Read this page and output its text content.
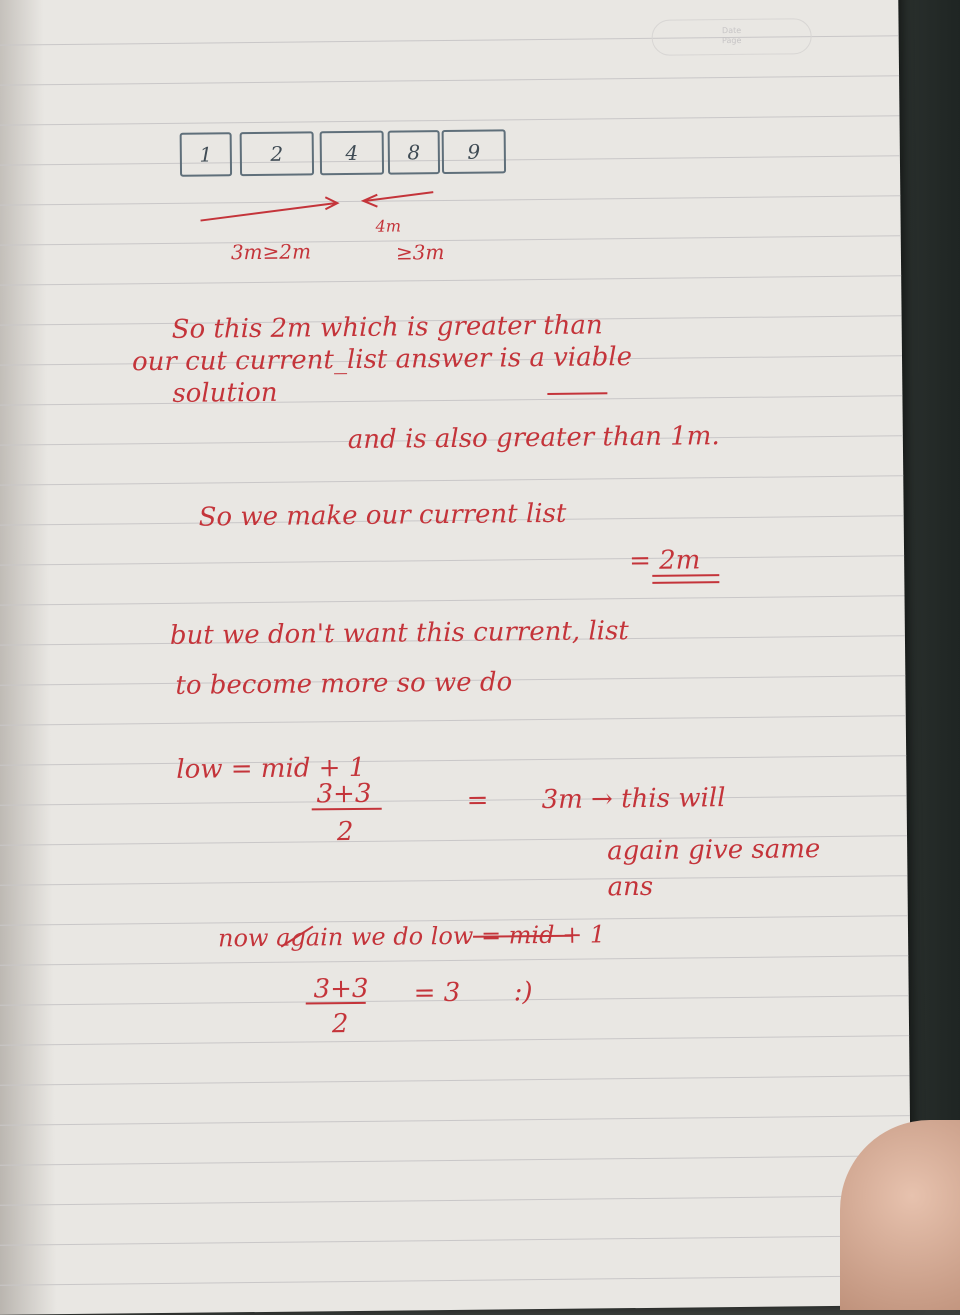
Date
Page
1	2	4	8	9
3m≥2m
4m
≥3m
So this 2m which is greater than
our cut current_list answer is a viable
solution
and is also greater than 1m.
So we make our current list
= 2m
but we don't want this current, list
to become more so we do
low = mid + 1
3+3
2
= 3m → this will
again give same
ans
now again we do low = mid + 1
3+3
2
= 3 :)
